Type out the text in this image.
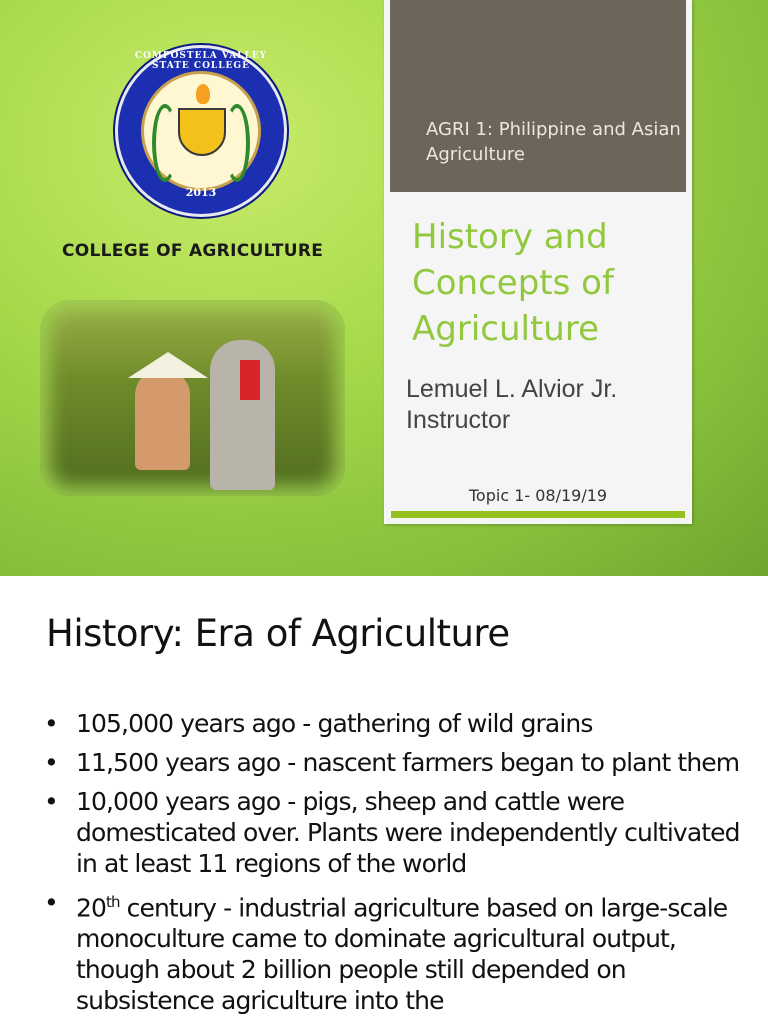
COMPOSTELA VALLEY STATE COLLEGE
2013
COLLEGE OF AGRICULTURE
AGRI 1: Philippine and Asian Agriculture
History and Concepts of Agriculture
Lemuel L. Alvior Jr.
Instructor
Topic 1- 08/19/19
History: Era of Agriculture
• 105,000 years ago - gathering of wild grains
• 11,500 years ago - nascent farmers began to plant them
• 10,000 years ago - pigs, sheep and cattle were domesticated over. Plants were independently cultivated in at least 11 regions of the world
• 20th century - industrial agriculture based on large-scale monoculture came to dominate agricultural output, though about 2 billion people still depended on subsistence agriculture into the
